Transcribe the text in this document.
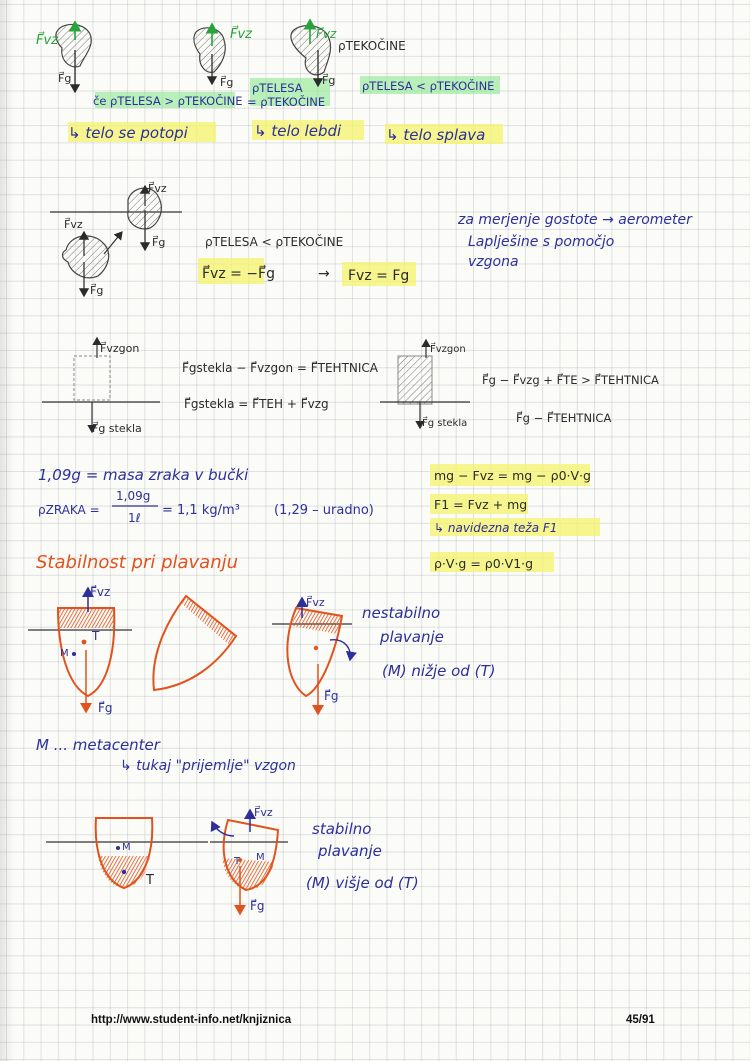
F⃗vz
F⃗g
F⃗vz
F⃗g
F⃗vz
ρTEKOČINE
F⃗g
če ρTELESA > ρTEKOČINE
ρTELESA
= ρTEKOČINE
ρTELESA < ρTEKOČINE
↳ telo se potopi	↳ telo lebdi	↳ telo splava
F⃗vz
F⃗g
F⃗vz
F⃗g
ρTELESA < ρTEKOČINE
F⃗vz = −F⃗g	→ Fvz = Fg
za merjenje gostote → aerometer
Laplješine s pomočjo
vzgona
F⃗vzgon
F⃗g stekla
F⃗gstekla − F⃗vzgon = F⃗TEHTNICA
F⃗gstekla = F⃗TEH + F⃗vzg
F⃗vzgon
F⃗g stekla
F⃗g − F⃗vzg + F⃗TE > F⃗TEHTNICA
F⃗g − F⃗TEHTNICA
1,09g = masa zraka v bučki
ρZRAKA =
1,09g
1ℓ = 1,1 kg/m³	(1,29 – uradno)
mg − Fvz = mg − ρ0·V·g
F1 = Fvz + mg
↳ navidezna teža F1
ρ·V·g = ρ0·V1·g
Stabilnost pri plavanju
F⃗vz
T
M
F⃗g
F⃗vz
F⃗g
nestabilno
plavanje
(M) nižje od (T)
M ... metacenter
↳ tukaj "prijemlje" vzgon
M
T
F⃗vz
T M
F⃗g
stabilno
plavanje
(M) višje od (T)
http://www.student-info.net/knjiznica	45/91
